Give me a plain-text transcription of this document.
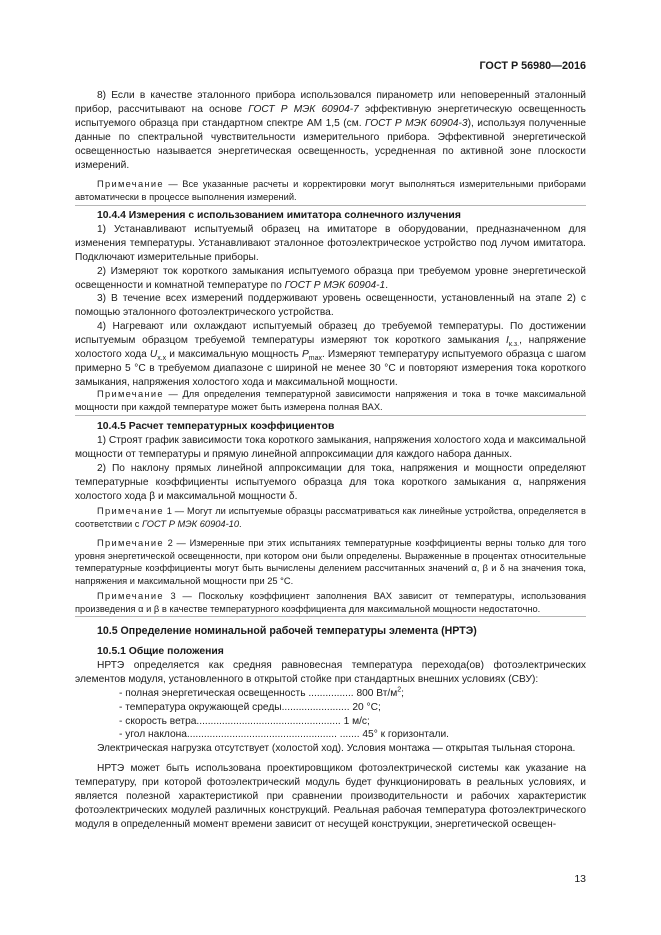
ГОСТ Р 56980—2016

8) Если в качестве эталонного прибора использовался пиранометр или неповеренный эталонный прибор, рассчитывают на основе ГОСТ Р МЭК 60904-7 эффективную энергетическую освещенность испытуемого образца при стандартном спектре АМ 1,5 (см. ГОСТ Р МЭК 60904-3), используя полученные данные по спектральной чувствительности измерительного прибора. Эффективной энергетической освещенностью называется энергетическая освещенность, усредненная по активной зоне плоскости измерений.

Примечание — Все указанные расчеты и корректировки могут выполняться измерительными приборами автоматически в процессе выполнения измерений.

10.4.4 Измерения с использованием имитатора солнечного излучения

1) Устанавливают испытуемый образец на имитаторе в оборудовании, предназначенном для изменения температуры. Устанавливают эталонное фотоэлектрическое устройство под лучом имитатора. Подключают измерительные приборы.

2) Измеряют ток короткого замыкания испытуемого образца при требуемом уровне энергетической освещенности и комнатной температуре по ГОСТ Р МЭК 60904-1.

3) В течение всех измерений поддерживают уровень освещенности, установленный на этапе 2) с помощью эталонного фотоэлектрического устройства.

4) Нагревают или охлаждают испытуемый образец до требуемой температуры. По достижении испытуемым образцом требуемой температуры измеряют ток короткого замыкания $I_{к.з.}$, напряжение холостого хода $U_{х.х}$ и максимальную мощность $P_{max}$. Измеряют температуру испытуемого образца с шагом примерно 5 °С в требуемом диапазоне с шириной не менее 30 °С и повторяют измерения тока короткого замыкания, напряжения холостого хода и максимальной мощности.

Примечание — Для определения температурной зависимости напряжения и тока в точке максимальной мощности при каждой температуре может быть измерена полная ВАХ.

10.4.5 Расчет температурных коэффициентов

1) Строят график зависимости тока короткого замыкания, напряжения холостого хода и максимальной мощности от температуры и прямую линейной аппроксимации для каждого набора данных.

2) По наклону прямых линейной аппроксимации для тока, напряжения и мощности определяют температурные коэффициенты испытуемого образца для тока короткого замыкания α, напряжения холостого хода β и максимальной мощности δ.

Примечание 1 — Могут ли испытуемые образцы рассматриваться как линейные устройства, определяется в соответствии с ГОСТ Р МЭК 60904-10.

Примечание 2 — Измеренные при этих испытаниях температурные коэффициенты верны только для того уровня энергетической освещенности, при котором они были определены. Выраженные в процентах относительные температурные коэффициенты могут быть вычислены делением рассчитанных значений α, β и δ на значения тока, напряжения и максимальной мощности при 25 °С.

Примечание 3 — Поскольку коэффициент заполнения ВАХ зависит от температуры, использования произведения α и β в качестве температурного коэффициента для максимальной мощности недостаточно.

10.5 Определение номинальной рабочей температуры элемента (НРТЭ)
10.5.1 Общие положения

НРТЭ определяется как средняя равновесная температура перехода(ов) фотоэлектрических элементов модуля, установленного в открытой стойке при стандартных внешних условиях (СВУ):

- полная энергетическая освещенность ................ 800 $Вт/м^2$;
- температура окружающей среды........................ 20 °С;
- скорость ветра................................................... 1 м/с;
- угол наклона..................................................... ....... 45° к горизонтали.

Электрическая нагрузка отсутствует (холостой ход). Условия монтажа — открытая тыльная сторона.

НРТЭ может быть использована проектировщиком фотоэлектрической системы как указание на температуру, при которой фотоэлектрический модуль будет функционировать в реальных условиях, и является полезной характеристикой при сравнении производительности и рабочих характеристик фотоэлектрических модулей различных конструкций. Реальная рабочая температура фотоэлектрического модуля в определенный момент времени зависит от несущей конструкции, энергетической освещен-

13
